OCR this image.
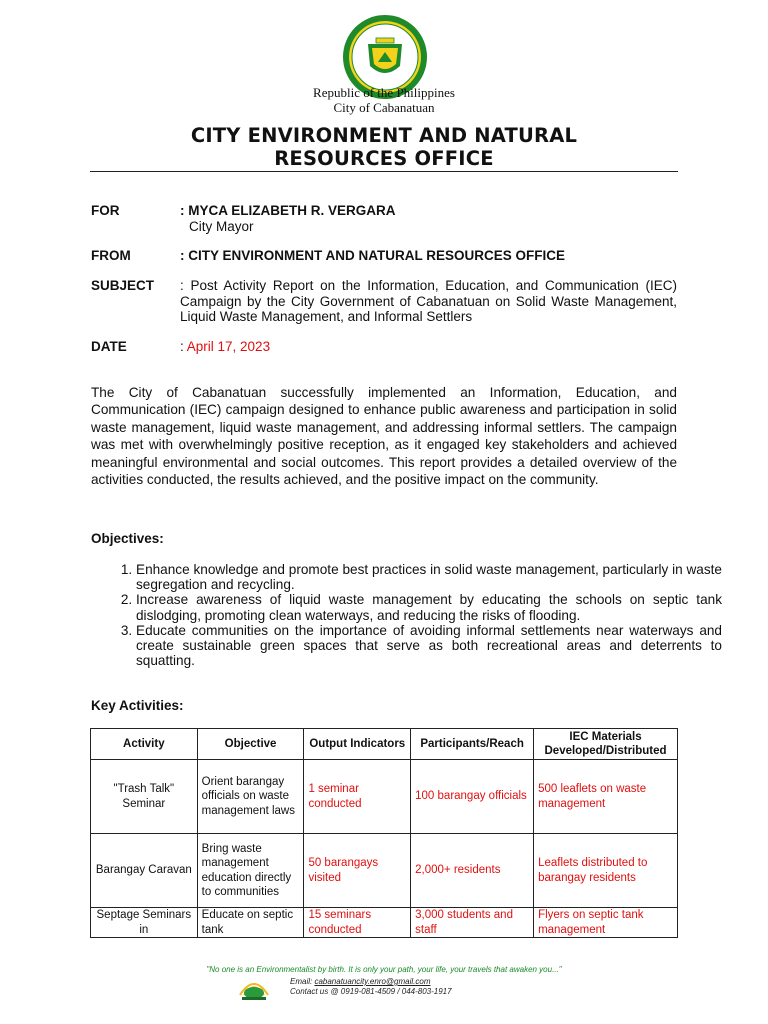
Republic of the Philippines
City of Cabanatuan
CITY ENVIRONMENT AND NATURAL
RESOURCES OFFICE
FOR	: MYCA ELIZABETH R. VERGARA
City Mayor
FROM	: CITY ENVIRONMENT AND NATURAL RESOURCES OFFICE
SUBJECT : Post Activity Report on the Information, Education, and Communication (IEC) Campaign by the City Government of Cabanatuan on Solid Waste Management, Liquid Waste Management, and Informal Settlers
DATE	: April 17, 2023
The City of Cabanatuan successfully implemented an Information, Education, and Communication (IEC) campaign designed to enhance public awareness and participation in solid waste management, liquid waste management, and addressing informal settlers. The campaign was met with overwhelmingly positive reception, as it engaged key stakeholders and achieved meaningful environmental and social outcomes. This report provides a detailed overview of the activities conducted, the results achieved, and the positive impact on the community.
Objectives:
1. Enhance knowledge and promote best practices in solid waste management, particularly in waste segregation and recycling.
2. Increase awareness of liquid waste management by educating the schools on septic tank dislodging, promoting clean waterways, and reducing the risks of flooding.
3. Educate communities on the importance of avoiding informal settlements near waterways and create sustainable green spaces that serve as both recreational areas and deterrents to squatting.
Key Activities:
Activity	Objective	Output Indicators	Participants/Reach	IEC Materials Developed/Distributed
"Trash Talk" Seminar	Orient barangay officials on waste management laws	1 seminar conducted	100 barangay officials	500 leaflets on waste management
Barangay Caravan	Bring waste management education directly to communities	50 barangays visited	2,000+ residents	Leaflets distributed to barangay residents
Septage Seminars in	Educate on septic tank	15 seminars conducted	3,000 students and staff	Flyers on septic tank management
"No one is an Environmentalist by birth. It is only your path, your life, your travels that awaken you..."
Email: cabanatuancity.enro@gmail.com
Contact us @ 0919-081-4509 / 044-803-1917
